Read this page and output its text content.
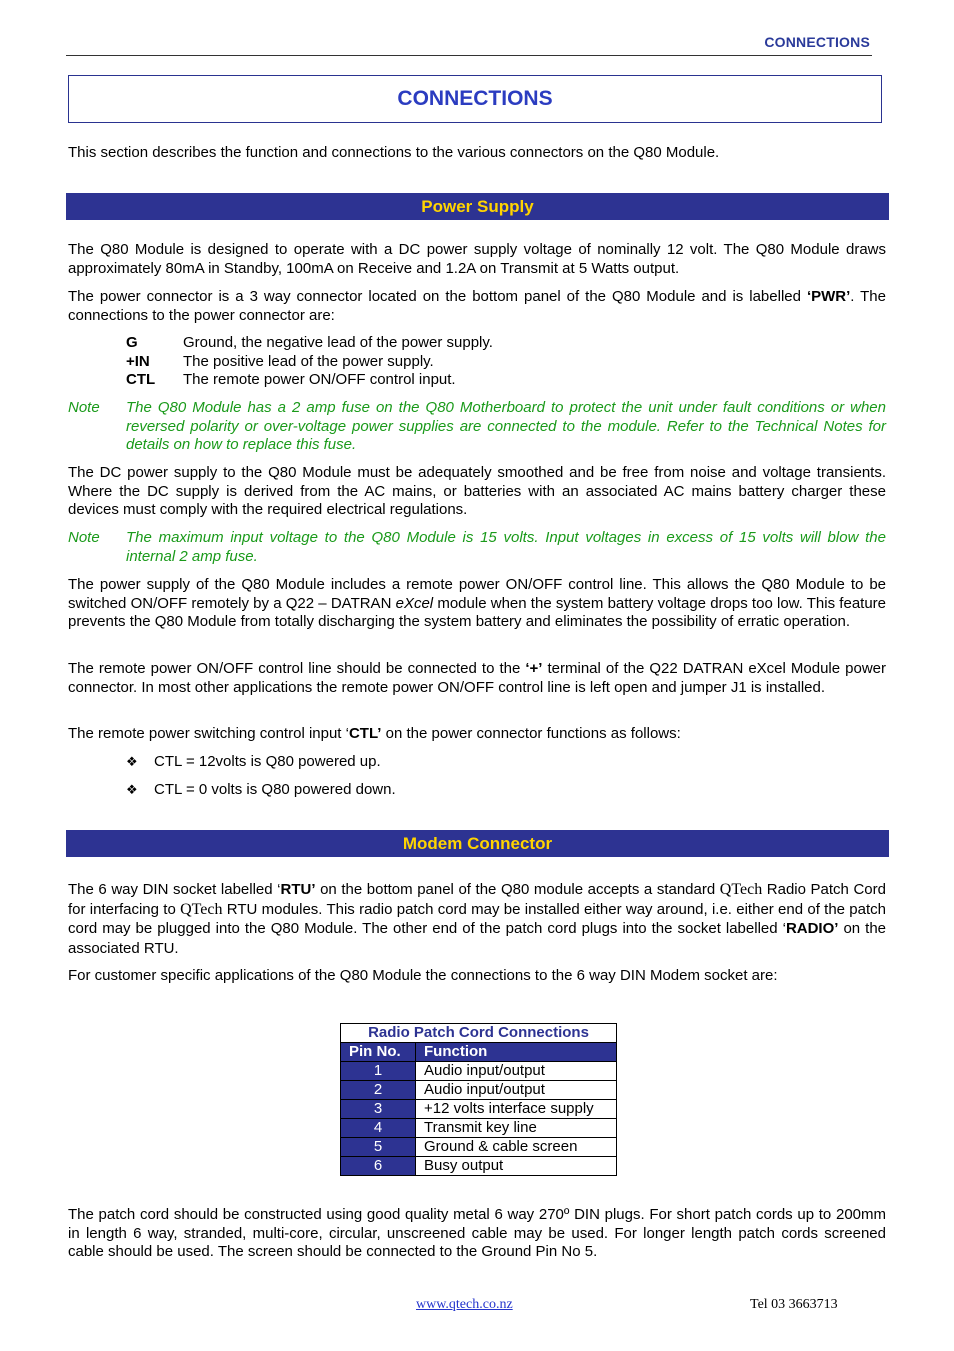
CONNECTIONS
CONNECTIONS
This section describes the function and connections to the various connectors on the Q80 Module.
Power Supply
The Q80 Module is designed to operate with a DC power supply voltage of nominally 12 volt. The Q80 Module draws approximately 80mA in Standby, 100mA on Receive and 1.2A on Transmit at 5 Watts output.
The power connector is a 3 way connector located on the bottom panel of the Q80 Module and is labelled ‘PWR’. The connections to the power connector are:
G	Ground, the negative lead of the power supply.
+IN	The positive lead of the power supply.
CTL	The remote power ON/OFF control input.
Note	The Q80 Module has a 2 amp fuse on the Q80 Motherboard to protect the unit under fault conditions or when reversed polarity or over-voltage power supplies are connected to the module. Refer to the Technical Notes for details on how to replace this fuse.
The DC power supply to the Q80 Module must be adequately smoothed and be free from noise and voltage transients. Where the DC supply is derived from the AC mains, or batteries with an associated AC mains battery charger these devices must comply with the required electrical regulations.
Note	The maximum input voltage to the Q80 Module is 15 volts. Input voltages in excess of 15 volts will blow the internal 2 amp fuse.
The power supply of the Q80 Module includes a remote power ON/OFF control line. This allows the Q80 Module to be switched ON/OFF remotely by a Q22 – DATRAN eXcel module when the system battery voltage drops too low. This feature prevents the Q80 Module from totally discharging the system battery and eliminates the possibility of erratic operation.
The remote power ON/OFF control line should be connected to the ‘+’ terminal of the Q22 DATRAN eXcel Module power connector. In most other applications the remote power ON/OFF control line is left open and jumper J1 is installed.
The remote power switching control input ‘CTL’ on the power connector functions as follows:
❖	CTL = 12volts is Q80 powered up.
❖	CTL = 0 volts is Q80 powered down.
Modem Connector
The 6 way DIN socket labelled ‘RTU’ on the bottom panel of the Q80 module accepts a standard QTech Radio Patch Cord for interfacing to QTech RTU modules. This radio patch cord may be installed either way around, i.e. either end of the patch cord may be plugged into the Q80 Module. The other end of the patch cord plugs into the socket labelled ‘RADIO’ on the associated RTU.
For customer specific applications of the Q80 Module the connections to the 6 way DIN Modem socket are:
Radio Patch Cord Connections	
Pin No.	Function
1	Audio input/output
2	Audio input/output
3	+12 volts interface supply
4	Transmit key line
5	Ground & cable screen
6	Busy output
The patch cord should be constructed using good quality metal 6 way 270º DIN plugs. For short patch cords up to 200mm in length 6 way, stranded, multi-core, circular, unscreened cable may be used. For longer length patch cords screened cable should be used. The screen should be connected to the Ground Pin No 5.
www.qtech.co.nz	Tel 03 3663713
